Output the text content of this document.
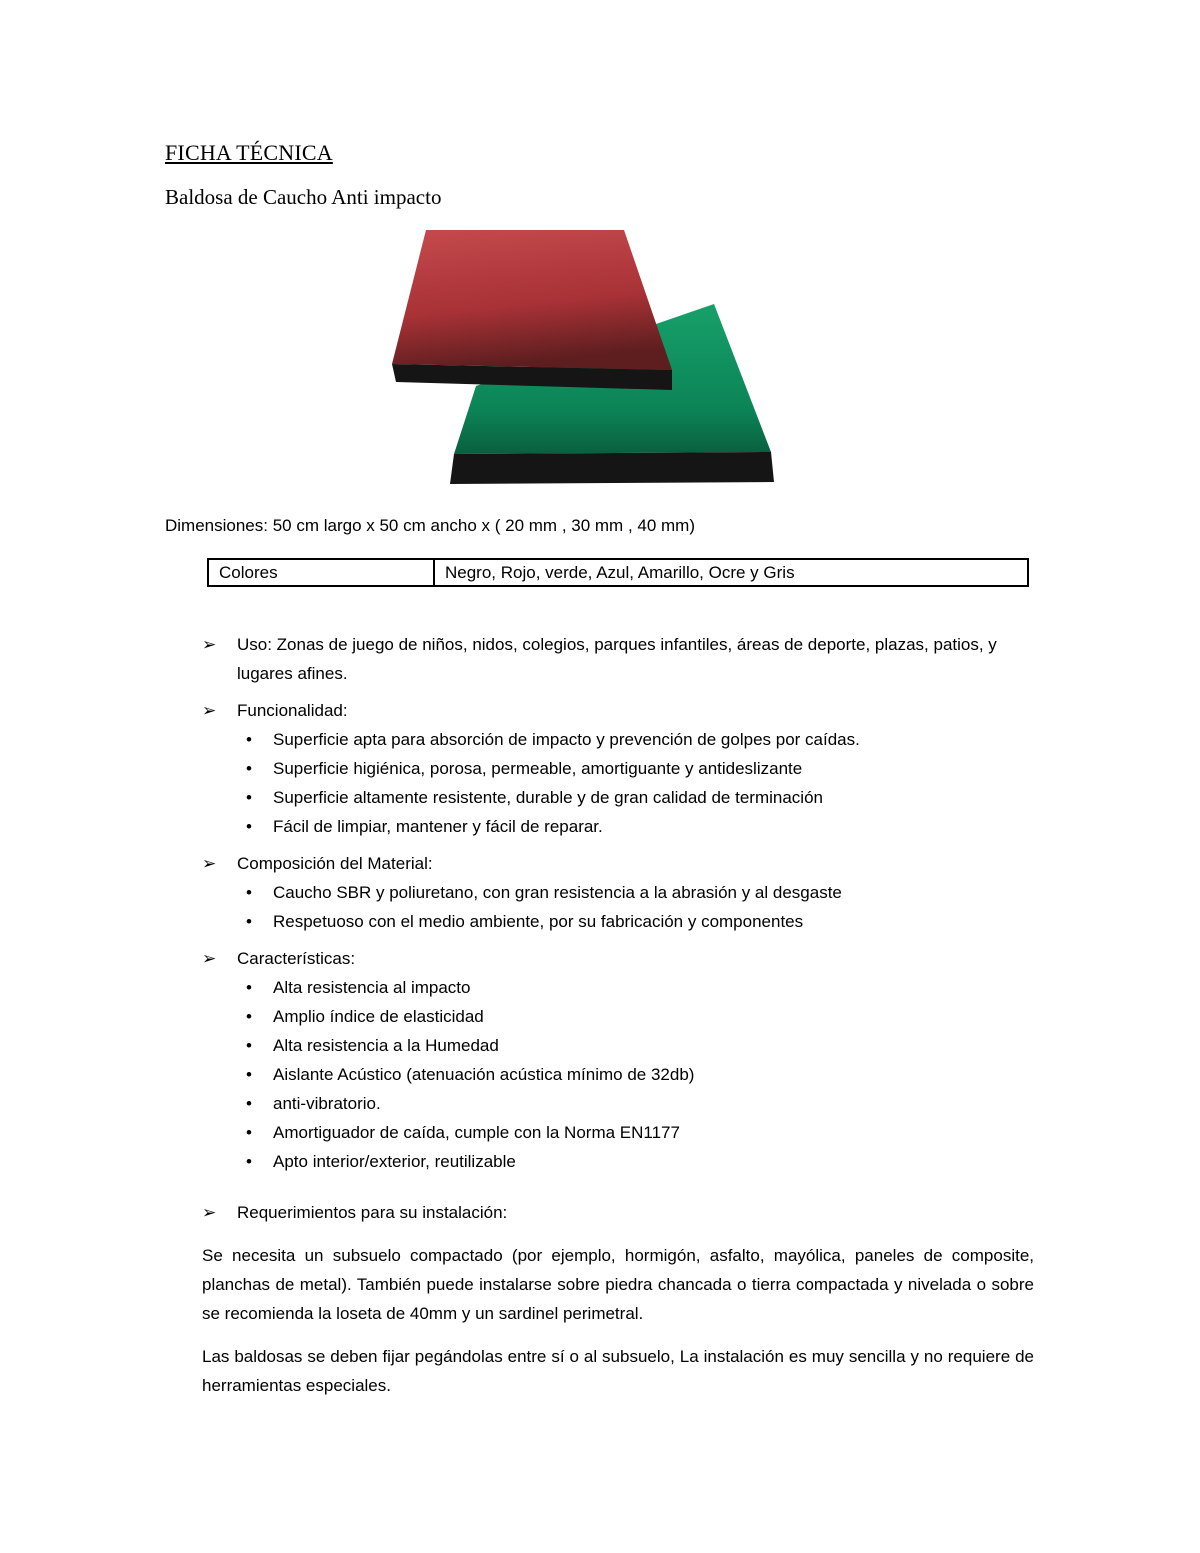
FICHA TÉCNICA
Baldosa de Caucho Anti impacto
Dimensiones: 50 cm largo x 50 cm ancho x ( 20 mm , 30 mm , 40 mm)
Colores	Negro, Rojo, verde, Azul, Amarillo, Ocre y Gris
➢ Uso: Zonas de juego de niños, nidos, colegios, parques infantiles, áreas de deporte, plazas, patios, y lugares afines.
➢ Funcionalidad:
• Superficie apta para absorción de impacto y prevención de golpes por caídas.
• Superficie higiénica, porosa, permeable, amortiguante y antideslizante
• Superficie altamente resistente, durable y de gran calidad de terminación
• Fácil de limpiar, mantener y fácil de reparar.
➢ Composición del Material:
• Caucho SBR y poliuretano, con gran resistencia a la abrasión y al desgaste
• Respetuoso con el medio ambiente, por su fabricación y componentes
➢ Características:
• Alta resistencia al impacto
• Amplio índice de elasticidad
• Alta resistencia a la Humedad
• Aislante Acústico (atenuación acústica mínimo de 32db)
• anti-vibratorio.
• Amortiguador de caída, cumple con la Norma EN1177
• Apto interior/exterior, reutilizable
➢ Requerimientos para su instalación:

Se necesita un subsuelo compactado (por ejemplo, hormigón, asfalto, mayólica, paneles de composite, planchas de metal). También puede instalarse sobre piedra chancada o tierra compactada y nivelada o sobre se recomienda la loseta de 40mm y un sardinel perimetral.

Las baldosas se deben fijar pegándolas entre sí o al subsuelo, La instalación es muy sencilla y no requiere de herramientas especiales.
